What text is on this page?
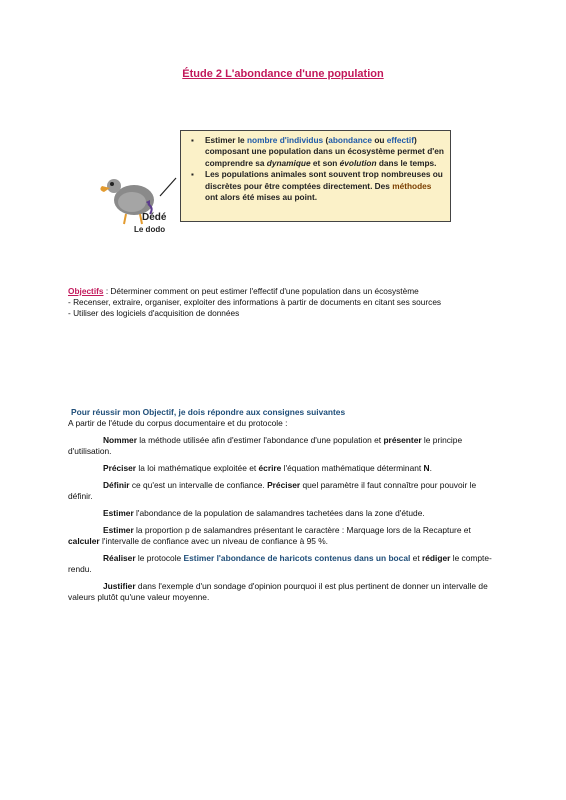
Étude 2 L'abondance d'une population
Dédé
Le dodo
▪ Estimer le nombre d'individus (abondance ou effectif) composant une population dans un écosystème permet d'en comprendre sa dynamique et son évolution dans le temps.
▪ Les populations animales sont souvent trop nombreuses ou discrètes pour être comptées directement. Des méthodes ont alors été mises au point.
Objectifs : Déterminer comment on peut estimer l'effectif d'une population dans un écosystème
- Recenser, extraire, organiser, exploiter des informations à partir de documents en citant ses sources
- Utiliser des logiciels d'acquisition de données
Pour réussir mon Objectif, je dois répondre aux consignes suivantes

A partir de l'étude du corpus documentaire et du protocole :

Nommer la méthode utilisée afin d'estimer l'abondance d'une population et présenter le principe d'utilisation.

Préciser la loi mathématique exploitée et écrire l'équation mathématique déterminant N.

Définir ce qu'est un intervalle de confiance. Préciser quel paramètre il faut connaître pour pouvoir le définir.

Estimer l'abondance de la population de salamandres tachetées dans la zone d'étude.

Estimer la proportion p de salamandres présentant le caractère : Marquage lors de la Recapture et calculer l'intervalle de confiance avec un niveau de confiance à 95 %.

Réaliser le protocole Estimer l'abondance de haricots contenus dans un bocal et rédiger le compte-rendu.

Justifier dans l'exemple d'un sondage d'opinion pourquoi il est plus pertinent de donner un intervalle de valeurs plutôt qu'une valeur moyenne.
